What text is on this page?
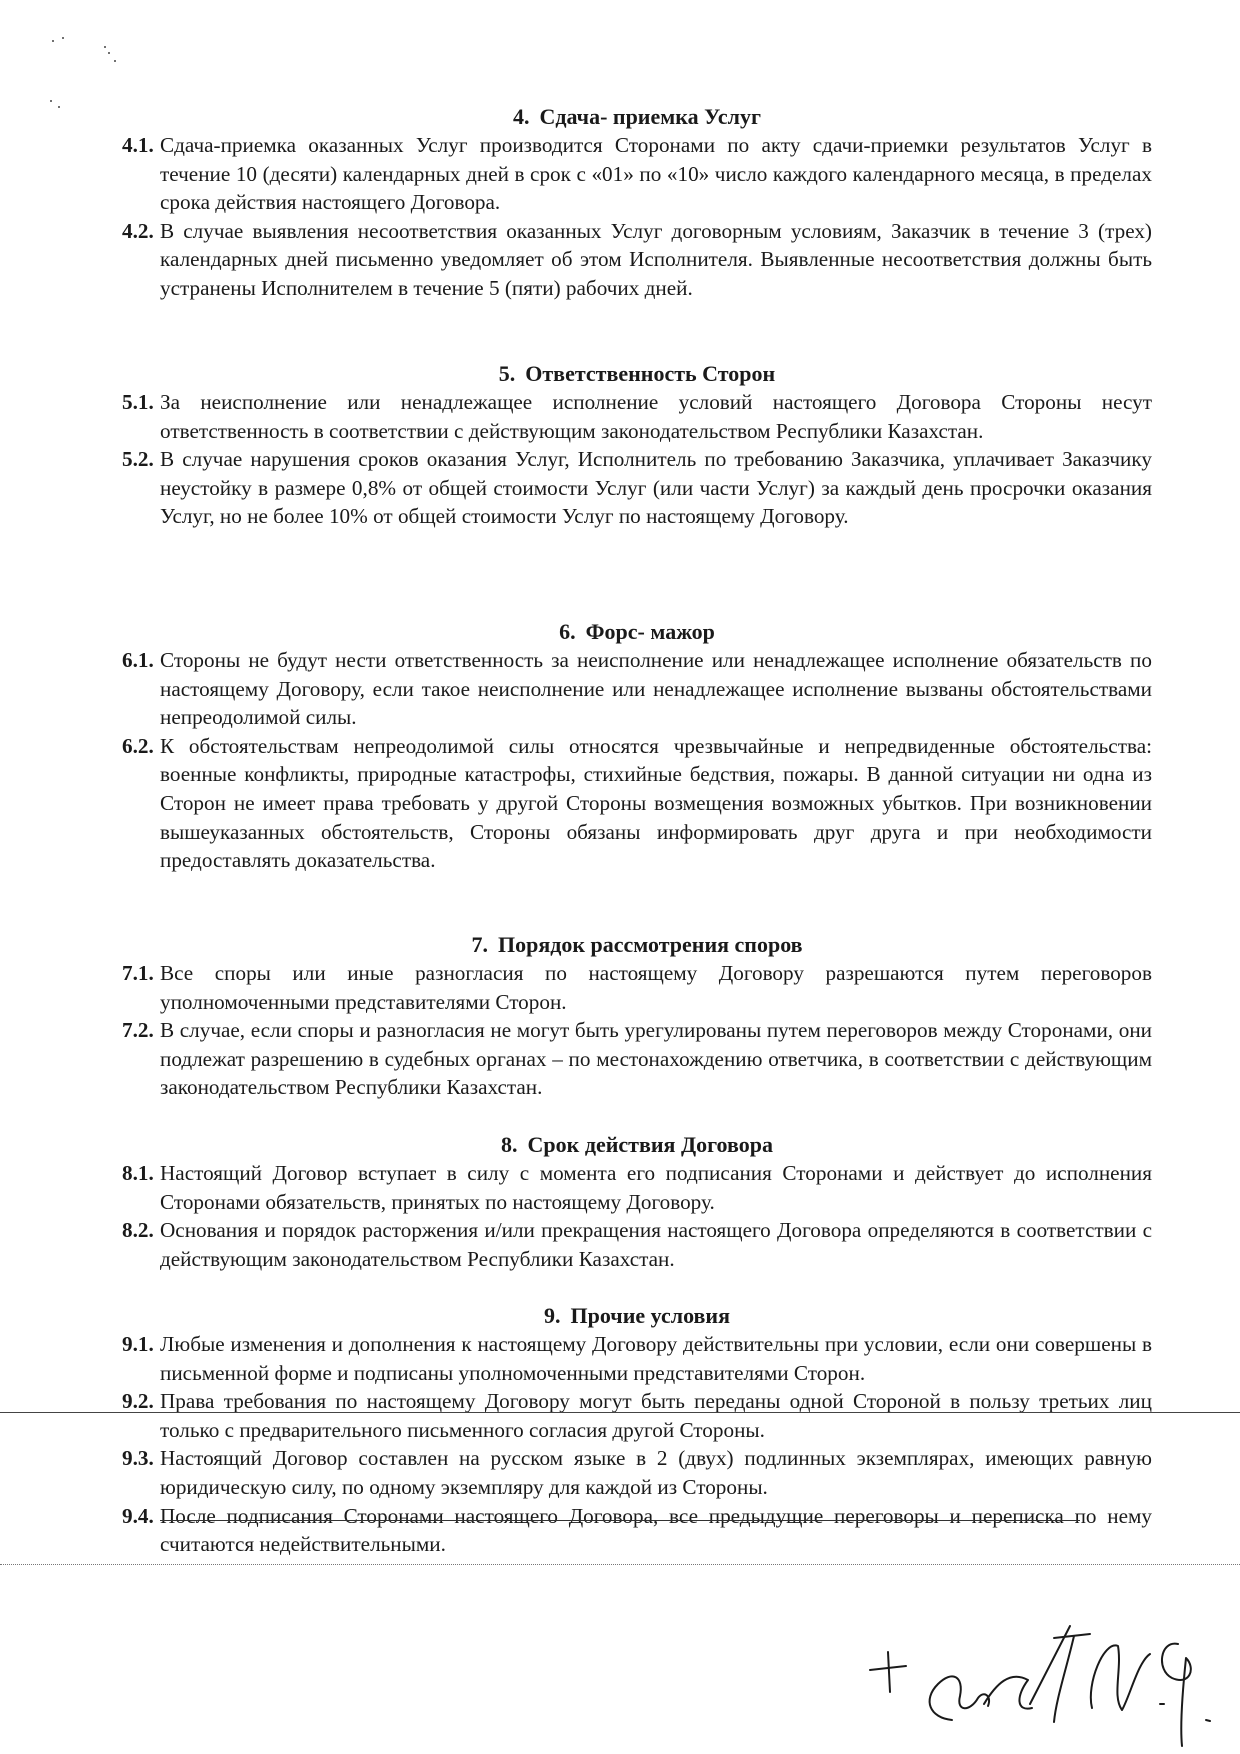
4. Сдача- приемка Услуг
4.1. Сдача-приемка оказанных Услуг производится Сторонами по акту сдачи-приемки результатов Услуг в течение 10 (десяти) календарных дней в срок с «01» по «10» число каждого календарного месяца, в пределах срока действия настоящего Договора.
4.2. В случае выявления несоответствия оказанных Услуг договорным условиям, Заказчик в течение 3 (трех) календарных дней письменно уведомляет об этом Исполнителя. Выявленные несоответствия должны быть устранены Исполнителем в течение 5 (пяти) рабочих дней.
5. Ответственность Сторон
5.1. За неисполнение или ненадлежащее исполнение условий настоящего Договора Стороны несут ответственность в соответствии с действующим законодательством Республики Казахстан.
5.2. В случае нарушения сроков оказания Услуг, Исполнитель по требованию Заказчика, уплачивает Заказчику неустойку в размере 0,8% от общей стоимости Услуг (или части Услуг) за каждый день просрочки оказания Услуг, но не более 10% от общей стоимости Услуг по настоящему Договору.
6. Форс- мажор
6.1. Стороны не будут нести ответственность за неисполнение или ненадлежащее исполнение обязательств по настоящему Договору, если такое неисполнение или ненадлежащее исполнение вызваны обстоятельствами непреодолимой силы.
6.2. К обстоятельствам непреодолимой силы относятся чрезвычайные и непредвиденные обстоятельства: военные конфликты, природные катастрофы, стихийные бедствия, пожары. В данной ситуации ни одна из Сторон не имеет права требовать у другой Стороны возмещения возможных убытков. При возникновении вышеуказанных обстоятельств, Стороны обязаны информировать друг друга и при необходимости предоставлять доказательства.
7. Порядок рассмотрения споров
7.1. Все споры или иные разногласия по настоящему Договору разрешаются путем переговоров уполномоченными представителями Сторон.
7.2. В случае, если споры и разногласия не могут быть урегулированы путем переговоров между Сторонами, они подлежат разрешению в судебных органах – по местонахождению ответчика, в соответствии с действующим законодательством Республики Казахстан.
8. Срок действия Договора
8.1. Настоящий Договор вступает в силу с момента его подписания Сторонами и действует до исполнения Сторонами обязательств, принятых по настоящему Договору.
8.2. Основания и порядок расторжения и/или прекращения настоящего Договора определяются в соответствии с действующим законодательством Республики Казахстан.
9. Прочие условия
9.1. Любые изменения и дополнения к настоящему Договору действительны при условии, если они совершены в письменной форме и подписаны уполномоченными представителями Сторон.
9.2. Права требования по настоящему Договору могут быть переданы одной Стороной в пользу третьих лиц только с предварительного письменного согласия другой Стороны.
9.3. Настоящий Договор составлен на русском языке в 2 (двух) подлинных экземплярах, имеющих равную юридическую силу, по одному экземпляру для каждой из Стороны.
9.4. После подписания Сторонами настоящего Договора, все предыдущие переговоры и переписка по нему считаются недействительными.
